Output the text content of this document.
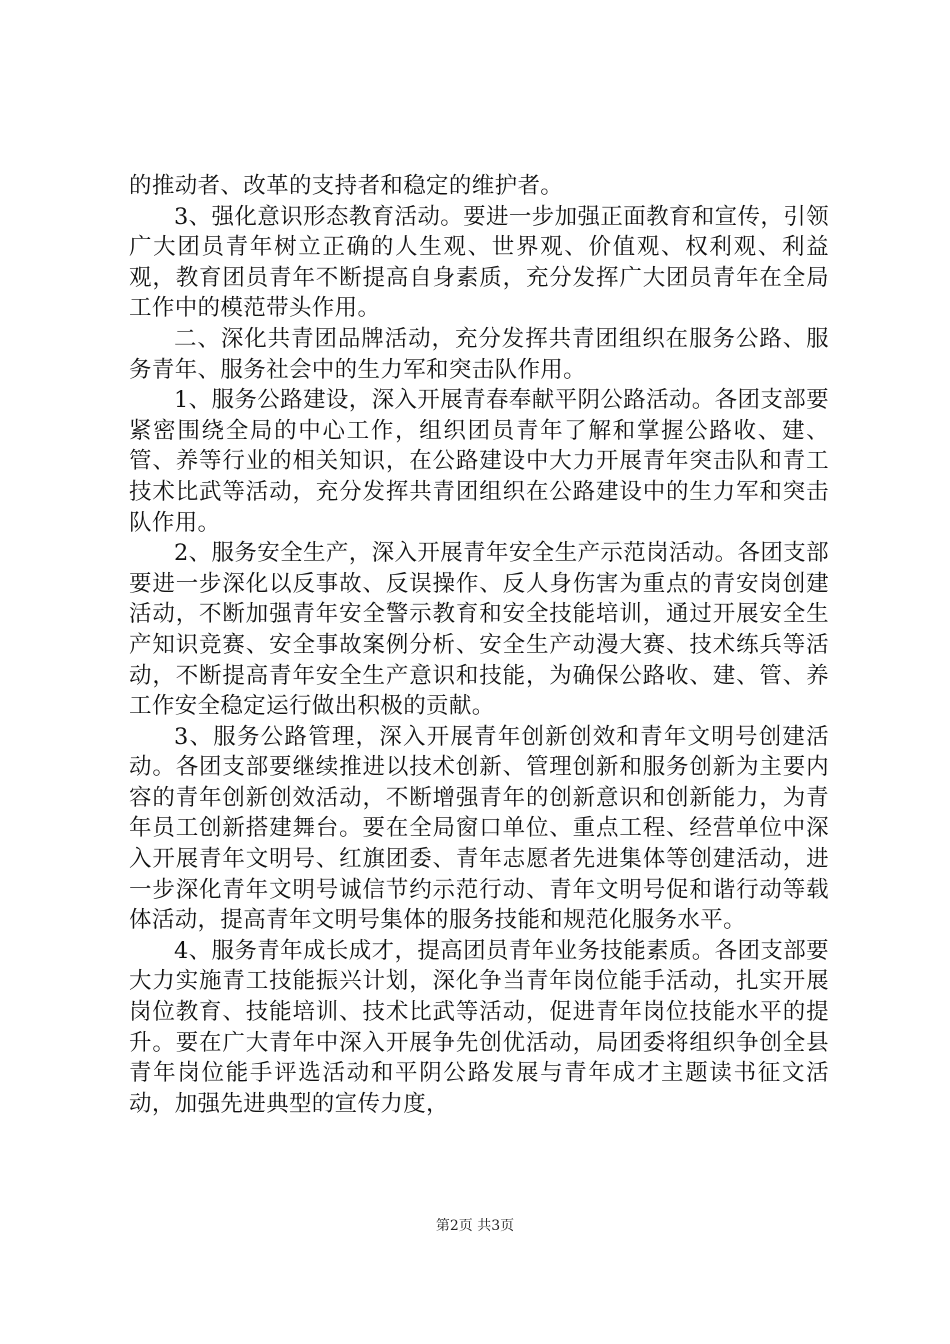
的推动者、改革的支持者和稳定的维护者。

3、强化意识形态教育活动。要进一步加强正面教育和宣传，引领广大团员青年树立正确的人生观、世界观、价值观、权利观、利益观，教育团员青年不断提高自身素质，充分发挥广大团员青年在全局工作中的模范带头作用。

二、深化共青团品牌活动，充分发挥共青团组织在服务公路、服务青年、服务社会中的生力军和突击队作用。

1、服务公路建设，深入开展青春奉献平阴公路活动。各团支部要紧密围绕全局的中心工作，组织团员青年了解和掌握公路收、建、管、养等行业的相关知识，在公路建设中大力开展青年突击队和青工技术比武等活动，充分发挥共青团组织在公路建设中的生力军和突击队作用。

2、服务安全生产，深入开展青年安全生产示范岗活动。各团支部要进一步深化以反事故、反误操作、反人身伤害为重点的青安岗创建活动，不断加强青年安全警示教育和安全技能培训，通过开展安全生产知识竞赛、安全事故案例分析、安全生产动漫大赛、技术练兵等活动，不断提高青年安全生产意识和技能，为确保公路收、建、管、养工作安全稳定运行做出积极的贡献。

3、服务公路管理，深入开展青年创新创效和青年文明号创建活动。各团支部要继续推进以技术创新、管理创新和服务创新为主要内容的青年创新创效活动，不断增强青年的创新意识和创新能力，为青年员工创新搭建舞台。要在全局窗口单位、重点工程、经营单位中深入开展青年文明号、红旗团委、青年志愿者先进集体等创建活动，进一步深化青年文明号诚信节约示范行动、青年文明号促和谐行动等载体活动，提高青年文明号集体的服务技能和规范化服务水平。

4、服务青年成长成才，提高团员青年业务技能素质。各团支部要大力实施青工技能振兴计划，深化争当青年岗位能手活动，扎实开展岗位教育、技能培训、技术比武等活动，促进青年岗位技能水平的提升。要在广大青年中深入开展争先创优活动，局团委将组织争创全县青年岗位能手评选活动和平阴公路发展与青年成才主题读书征文活动，加强先进典型的宣传力度，

第2页 共3页
